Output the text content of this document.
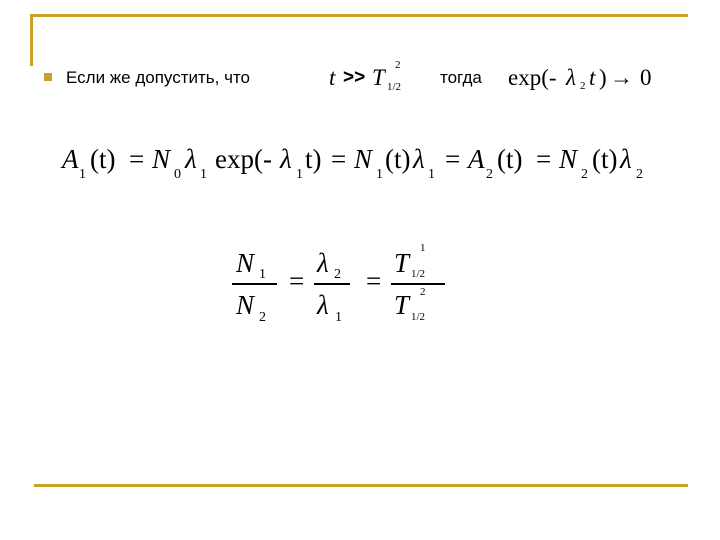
Если же допустить, что	t >> T 2
1/2 тогда exp(- λ 2 t ) → 0
A
1
(t) = N
0
λ
1
exp(- λ
1
t) = N
1
(t) λ
1
= A
2
(t) = N
2
(t) λ
2
N 1
N 2
=
λ 2
λ 1
=
T 1
1/2
T 2
1/2
